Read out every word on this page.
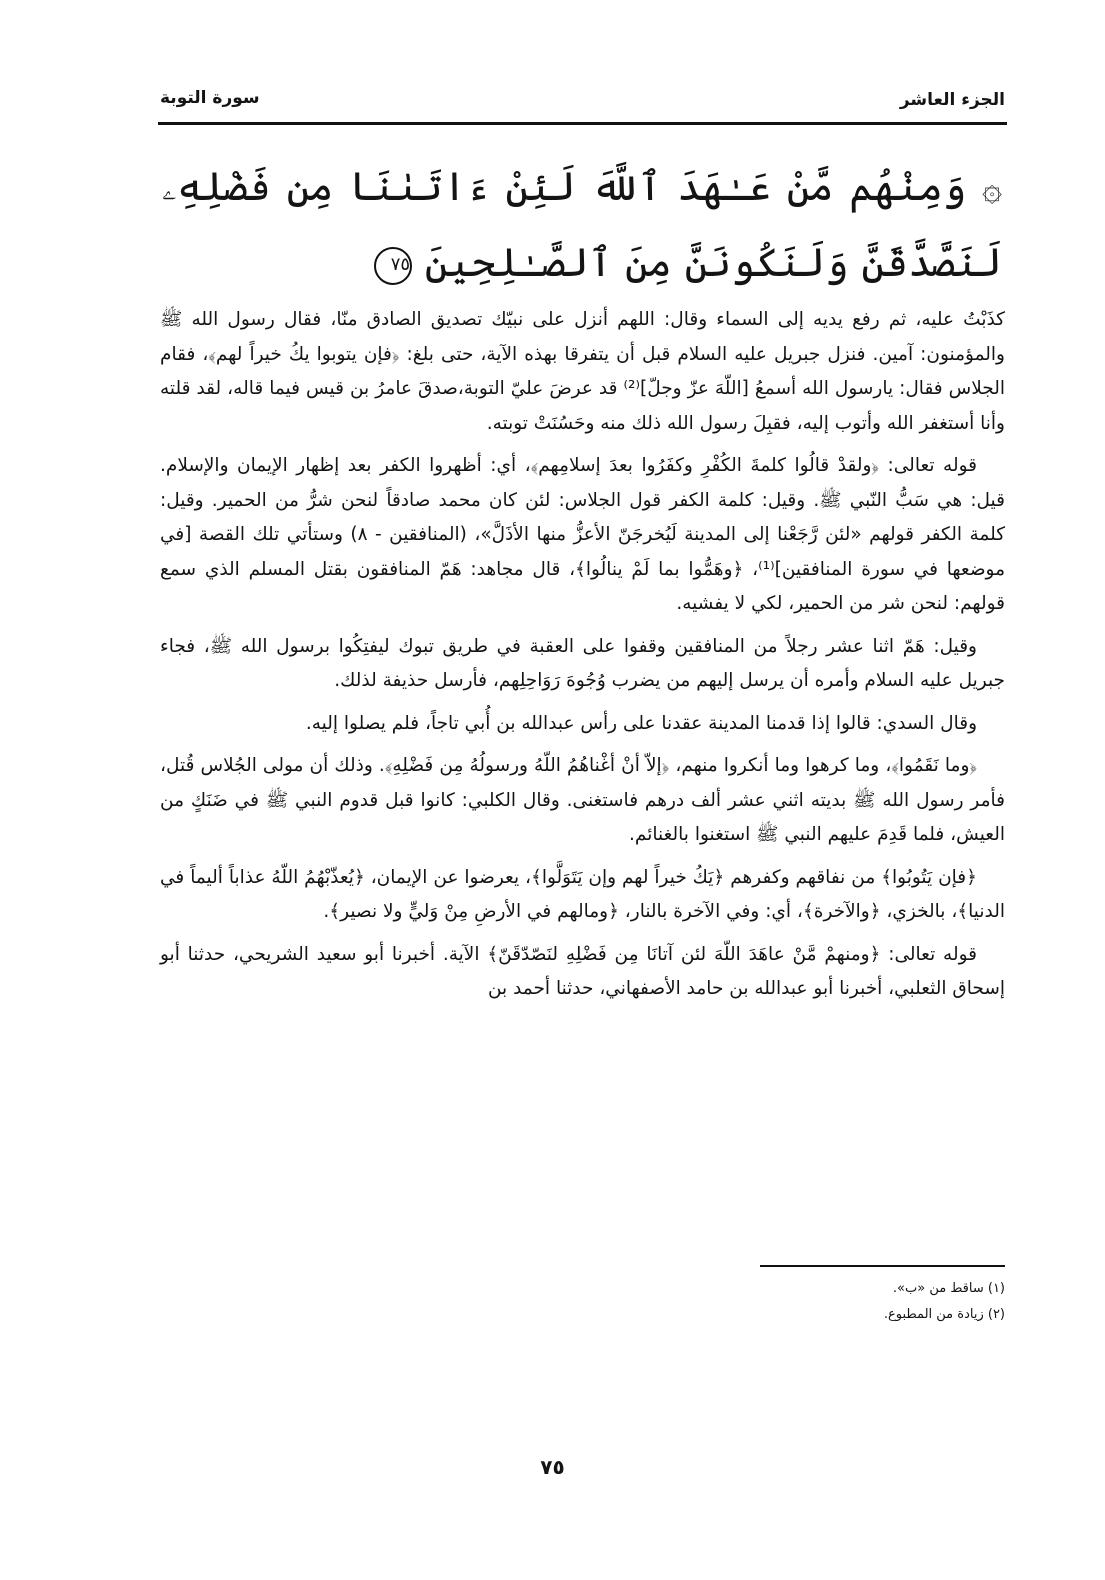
الجزء العاشر
سورة التوبة
۞ وَمِنْهُم مَّنْ عَـٰهَدَ ٱللَّهَ لَئِنْ ءَاتَىٰنَا مِن فَضْلِهِۦ لَنَصَّدَّقَنَّ وَلَنَكُونَنَّ مِنَ ٱلصَّـٰلِحِينَ ٧٥

كذَبْتُ عليه، ثم رفع يديه إلى السماء وقال: اللهم أنزل على نبيّك تصديق الصادق منّا، فقال رسول الله ﷺ والمؤمنون: آمين. فنزل جبريل عليه السلام قبل أن يتفرقا بهذه الآية، حتى بلغ: ﴿فإن يتوبوا يكُ خيراً لهم﴾، فقام الجلاس فقال: يارسول الله أسمعُ [اللّهَ عزّ وجلّ]⁽²⁾ قد عرضَ عليّ التوبة،صدقَ عامرُ بن قيس فيما قاله، لقد قلته وأنا أستغفر الله وأتوب إليه، فقبِلَ رسول الله ذلك منه وحَسُنَتْ توبته.

قوله تعالى: ﴿ولقدْ قالُوا كلمةَ الكُفْرِ وكفَرُوا بعدَ إسلامِهم﴾، أي: أظهروا الكفر بعد إظهار الإيمان والإسلام. قيل: هي سَبُّ النّبي ﷺ. وقيل: كلمة الكفر قول الجلاس: لئن كان محمد صادقاً لنحن شرُّ من الحمير. وقيل: كلمة الكفر قولهم «لئن رَّجَعْنا إلى المدينة لَيُخرجَنّ الأعزُّ منها الأذَلَّ»، (المنافقين - ٨) وستأتي تلك القصة [في موضعها في سورة المنافقين]⁽¹⁾، ﴿وهَمُّوا بما لَمْ ينالُوا﴾، قال مجاهد: هَمّ المنافقون بقتل المسلم الذي سمع قولهم: لنحن شر من الحمير، لكي لا يفشيه.

وقيل: هَمّ اثنا عشر رجلاً من المنافقين وقفوا على العقبة في طريق تبوك ليفتِكُوا برسول الله ﷺ، فجاء جبريل عليه السلام وأمره أن يرسل إليهم من يضرب وُجُوهَ رَوَاحِلِهم، فأرسل حذيفة لذلك.

وقال السدي: قالوا إذا قدمنا المدينة عقدنا على رأس عبدالله بن أُبي تاجاً، فلم يصلوا إليه.

﴿وما نَقَمُوا﴾، وما كرهوا وما أنكروا منهم، ﴿إلاّ أنْ أغْناهُمُ اللّهُ ورسولُهُ مِن فَضْلِهِ﴾. وذلك أن مولى الجُلاس قُتل، فأمر رسول الله ﷺ بديته اثني عشر ألف درهم فاستغنى. وقال الكلبي: كانوا قبل قدوم النبي ﷺ في ضَنَكٍ من العيش، فلما قَدِمَ عليهم النبي ﷺ استغنوا بالغنائم.

﴿فإن يَتُوبُوا﴾ من نفاقهم وكفرهم ﴿يَكُ خيراً لهم وإن يَتَوَلَّوا﴾، يعرضوا عن الإيمان، ﴿يُعذّبْهُمُ اللّهُ عذاباً أليماً في الدنيا﴾، بالخزي، ﴿والآخرة﴾، أي: وفي الآخرة بالنار، ﴿ومالهم في الأرضِ مِنْ وَليٍّ ولا نصير﴾.

قوله تعالى: ﴿ومنهمْ مَّنْ عاهَدَ اللّهَ لئن آتانَا مِن فَضْلِهِ لنَصّدّقَنّ﴾ الآية. أخبرنا أبو سعيد الشريحي، حدثنا أبو إسحاق الثعلبي، أخبرنا أبو عبدالله بن حامد الأصفهاني، حدثنا أحمد بن

(١) ساقط من «ب».
(٢) زيادة من المطبوع.
٧٥
